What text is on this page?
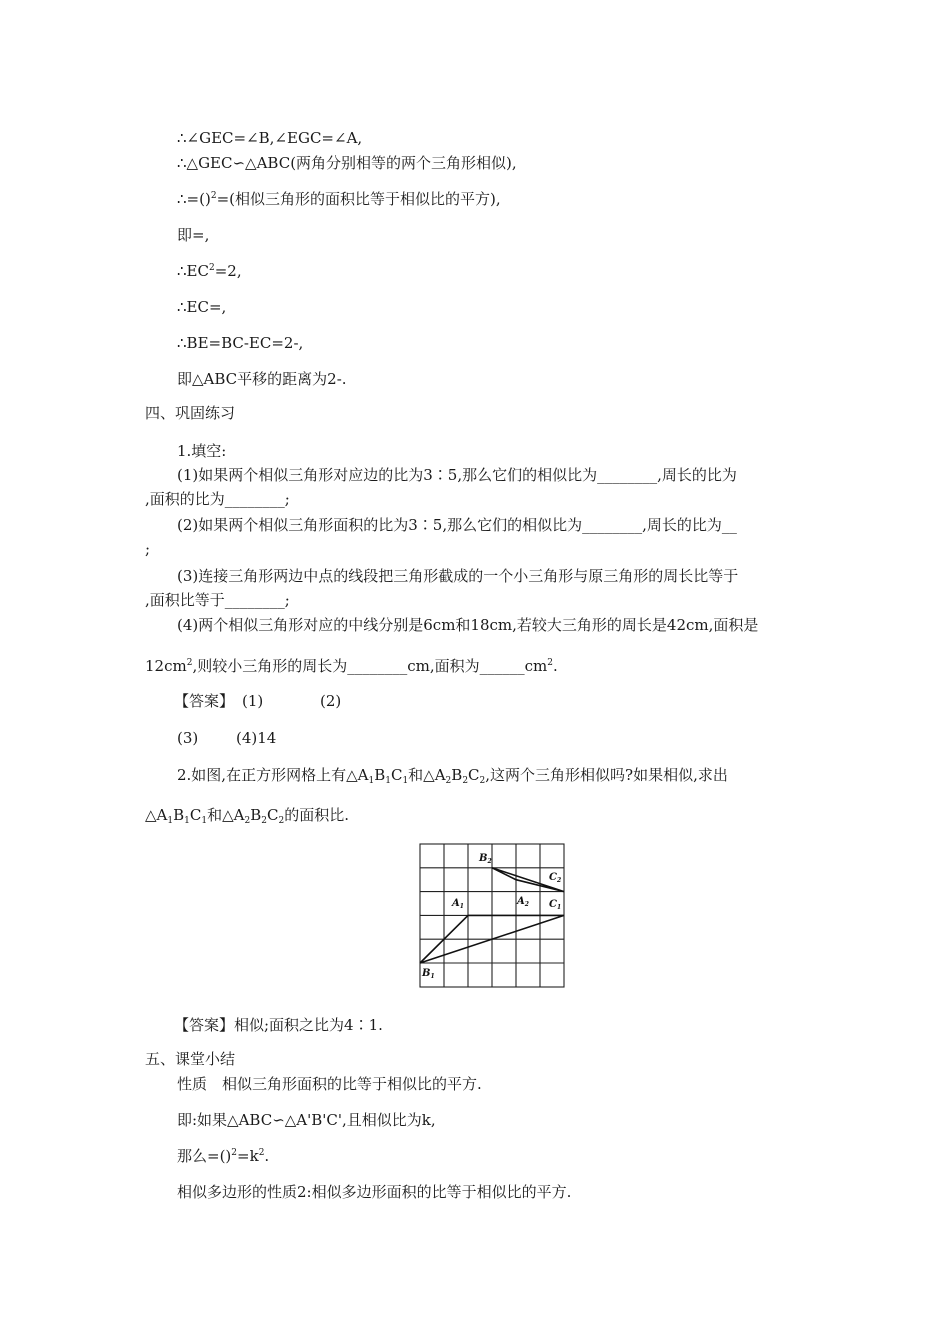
∴∠GEC=∠B,∠EGC=∠A,
∴△GEC∽△ABC(两角分别相等的两个三角形相似),
∴=()$^2$=(相似三角形的面积比等于相似比的平方),
即=,
$\therefore EC^2=2$,
∴EC=,
∴BE=BC-EC=2-,
即△ABC平移的距离为2-.
四、巩固练习
1.填空:
(1)如果两个相似三角形对应边的比为3∶5,那么它们的相似比为________,周长的比为
,面积的比为________;
(2)如果两个相似三角形面积的比为3∶5,那么它们的相似比为________,周长的比为__
;
(3)连接三角形两边中点的线段把三角形截成的一个小三角形与原三角形的周长比等于
,面积比等于________;
(4)两个相似三角形对应的中线分别是6cm和18cm,若较大三角形的周长是42cm,面积是
$12cm^2$,则较小三角形的周长为________cm,面积为$\_\_\_\_\_\_cm^2$.
【答案】 (1)	(2)
(3)	(4)14
2.如图,在正方形网格上有$\triangle A_1B_1C_1$和$\triangle A_2B_2C_2$,这两个三角形相似吗?如果相似,求出
$\triangle A_1B_1C_1$和$\triangle A_2B_2C_2$的面积比.
$B_2$
$C_2$
$A_1$	$A_2$ $C_1$
$B_1$
【答案】相似;面积之比为4∶1.
五、课堂小结
性质　相似三角形面积的比等于相似比的平方.
即:如果△ABC∽△A'B'C',且相似比为k,
那么$=()^2=k^2$.
相似多边形的性质2:相似多边形面积的比等于相似比的平方.
